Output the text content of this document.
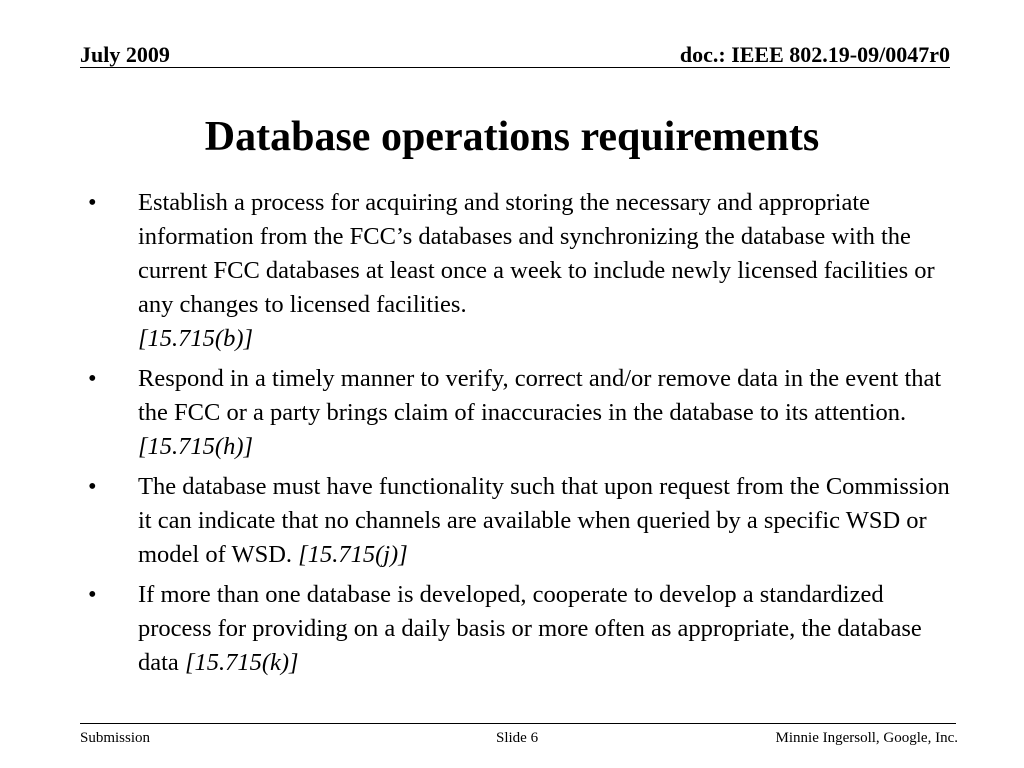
July 2009	doc.: IEEE 802.19-09/0047r0
Database operations requirements
• Establish a process for acquiring and storing the necessary and appropriate information from the FCC’s databases and synchronizing the database with the current FCC databases at least once a week to include newly licensed facilities or any changes to licensed facilities.
[15.715(b)]
• Respond in a timely manner to verify, correct and/or remove data in the event that the FCC or a party brings claim of inaccuracies in the database to its attention. [15.715(h)]
• The database must have functionality such that upon request from the Commission it can indicate that no channels are available when queried by a specific WSD or model of WSD. [15.715(j)]
• If more than one database is developed, cooperate to develop a standardized process for providing on a daily basis or more often as appropriate, the database data [15.715(k)]
Submission	Slide 6	Minnie Ingersoll, Google, Inc.
